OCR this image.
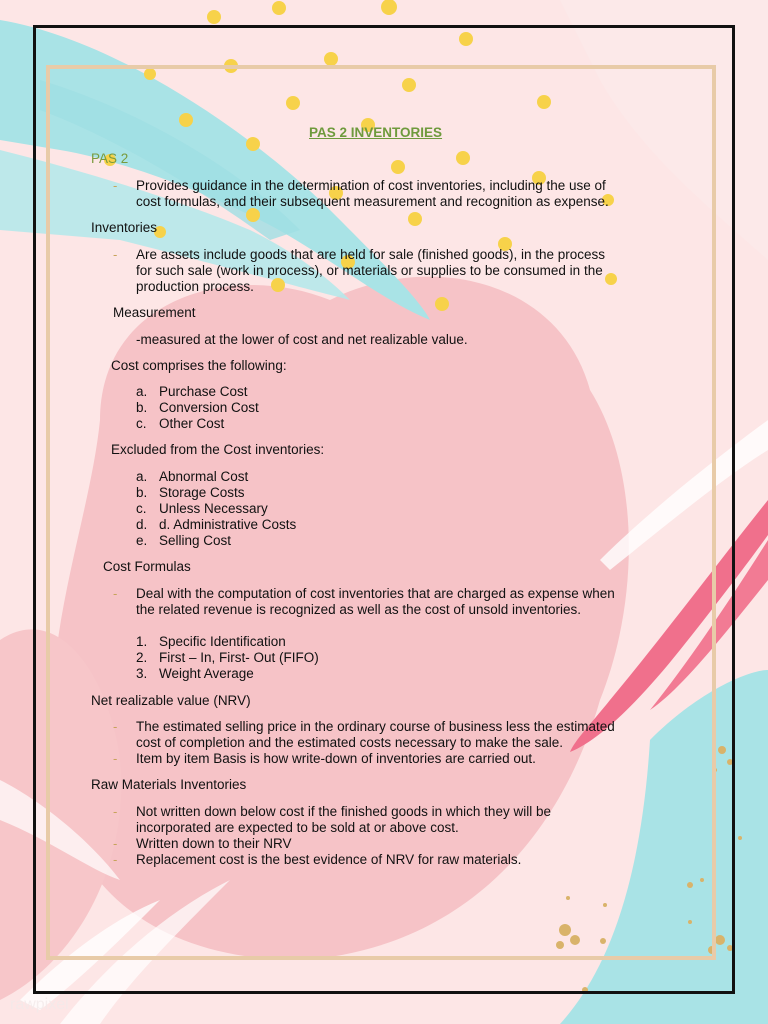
PAS 2 INVENTORIES
PAS 2
- Provides guidance in the determination of cost inventories, including the use of
cost formulas, and their subsequent measurement and recognition as expense.
Inventories
- Are assets include goods that are held for sale (finished goods), in the process
for such sale (work in process), or materials or supplies to be consumed in the
production process.
Measurement
-measured at the lower of cost and net realizable value.
Cost comprises the following:
a. Purchase Cost
b. Conversion Cost
c. Other Cost
Excluded from the Cost inventories:
a. Abnormal Cost
b. Storage Costs
c. Unless Necessary
d. d. Administrative Costs
e. Selling Cost
Cost Formulas
- Deal with the computation of cost inventories that are charged as expense when
the related revenue is recognized as well as the cost of unsold inventories.
1. Specific Identification
2. First – In, First- Out (FIFO)
3. Weight Average
Net realizable value (NRV)
- The estimated selling price in the ordinary course of business less the estimated
cost of completion and the estimated costs necessary to make the sale.
- Item by item Basis is how write-down of inventories are carried out.
Raw Materials Inventories
- Not written down below cost if the finished goods in which they will be
incorporated are expected to be sold at or above cost.
- Written down to their NRV
- Replacement cost is the best evidence of NRV for raw materials.
rawpixel
